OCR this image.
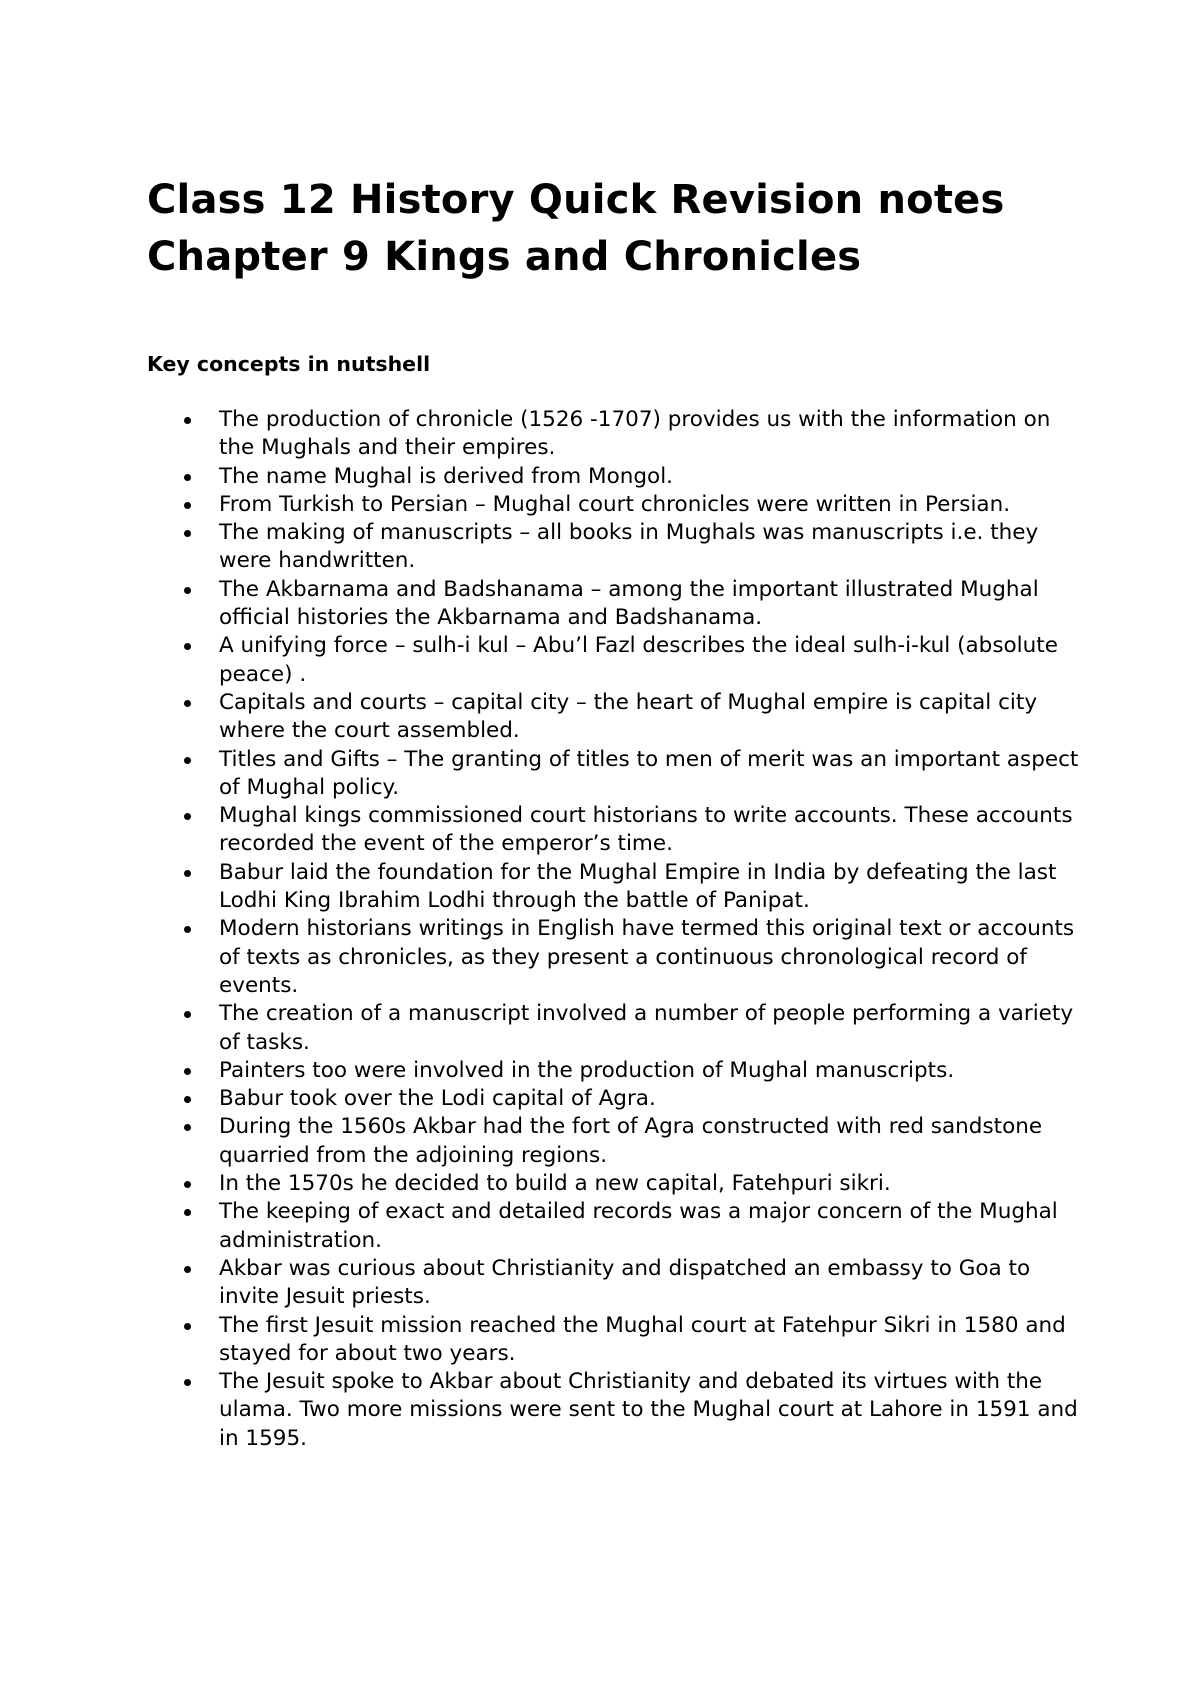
Class 12 History Quick Revision notes Chapter 9 Kings and Chronicles
Key concepts in nutshell
The production of chronicle (1526 -1707) provides us with the information on the Mughals and their empires.
The name Mughal is derived from Mongol.
From Turkish to Persian – Mughal court chronicles were written in Persian.
The making of manuscripts – all books in Mughals was manuscripts i.e. they were handwritten.
The Akbarnama and Badshanama – among the important illustrated Mughal official histories the Akbarnama and Badshanama.
A unifying force – sulh-i kul – Abu’l Fazl describes the ideal sulh-i-kul (absolute peace) .
Capitals and courts – capital city – the heart of Mughal empire is capital city where the court assembled.
Titles and Gifts – The granting of titles to men of merit was an important aspect of Mughal policy.
Mughal kings commissioned court historians to write accounts. These accounts recorded the event of the emperor’s time.
Babur laid the foundation for the Mughal Empire in India by defeating the last Lodhi King Ibrahim Lodhi through the battle of Panipat.
Modern historians writings in English have termed this original text or accounts of texts as chronicles, as they present a continuous chronological record of events.
The creation of a manuscript involved a number of people performing a variety of tasks.
Painters too were involved in the production of Mughal manuscripts.
Babur took over the Lodi capital of Agra.
During the 1560s Akbar had the fort of Agra constructed with red sandstone quarried from the adjoining regions.
In the 1570s he decided to build a new capital, Fatehpuri sikri.
The keeping of exact and detailed records was a major concern of the Mughal administration.
Akbar was curious about Christianity and dispatched an embassy to Goa to invite Jesuit priests.
The first Jesuit mission reached the Mughal court at Fatehpur Sikri in 1580 and stayed for about two years.
The Jesuit spoke to Akbar about Christianity and debated its virtues with the ulama. Two more missions were sent to the Mughal court at Lahore in 1591 and in 1595.
